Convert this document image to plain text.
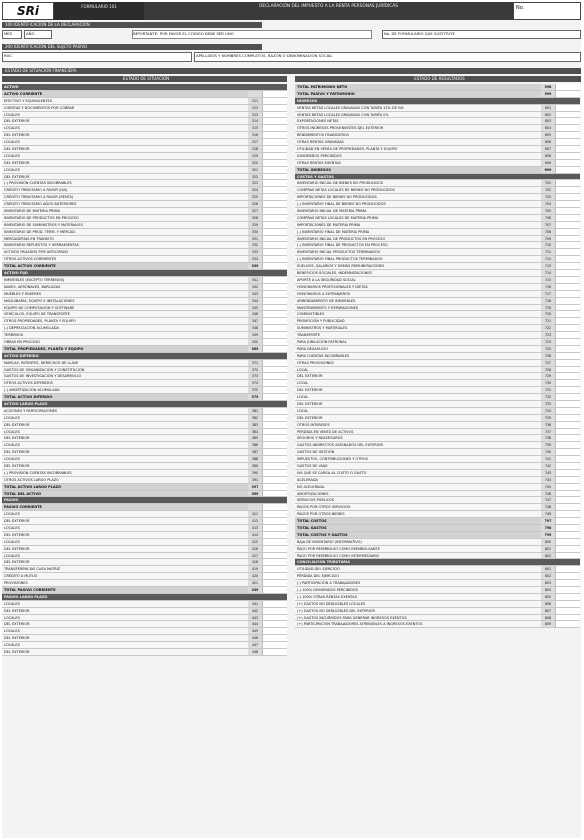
SRi	FORMULARIO 101	DECLARACIÓN DEL IMPUESTO A LA RENTA PERSONAS JURÍDICAS	No.
100 IDENTIFICACIÓN DE LA DECLARACIÓN
MES	AÑO	IMPORTANTE: POR FAVOR EL CÓDIGO DEBE SER UNO	No. DE FORMULARIO QUE SUSTITUYE
200 IDENTIFICACIÓN DEL SUJETO PASIVO
RUC	APELLIDOS Y NOMBRES COMPLETOS, RAZÓN O DENOMINACIÓN SOCIAL
ESTADO DE SITUACIÓN FINANCIERA
ESTADO DE SITUACIÓN	ESTADO DE RESULTADOS
ACTIVO
ACTIVO CORRIENTE
EFECTIVO Y EQUIVALENTES	311
CUENTAS Y DOCUMENTOS POR COBRAR	312
LOCALES	313
DEL EXTERIOR	314
LOCALES	315
DEL EXTERIOR	316
LOCALES	317
DEL EXTERIOR	318
LOCALES	319
DEL EXTERIOR	320
LOCALES	321
DEL EXTERIOR	322
(-) PROVISIÓN CUENTAS INCOBRABLES	323
CRÉDITO TRIBUTARIO A FAVOR (IVA)	324
CRÉDITO TRIBUTARIO A FAVOR (RENTA)	325
CRÉDITO TRIBUTARIO AÑOS ANTERIORES	326
INVENTARIO DE MATERIA PRIMA	327
INVENTARIO DE PRODUCTOS EN PROCESO	328
INVENTARIO DE SUMINISTROS Y MATERIALES	329
INVENTARIO DE PROD. TERM. Y MERCAD.	330
MERCADERÍAS EN TRÁNSITO	331
INVENTARIO REPUESTOS Y HERRAMIENTAS	332
ACTIVOS PAGADOS POR ANTICIPADO	333
OTROS ACTIVOS CORRIENTES	334
TOTAL ACTIVO CORRIENTE	339
ACTIVO FIJO
INMUEBLES (EXCEPTO TERRENOS)	341
NAVES, AERONAVES, BARCAZAS	342
MUEBLES Y ENSERES	343
MAQUINARIA, EQUIPO E INSTALACIONES	344
EQUIPO DE COMPUTACIÓN Y SOFTWARE	345
VEHÍCULOS, EQUIPO DE TRANSPORTE	346
OTROS PROPIEDADES, PLANTA Y EQUIPO	347
(-) DEPRECIACIÓN ACUMULADA	348
TERRENOS	349
OBRAS EN PROCESO	350
TOTAL PROPIEDADES, PLANTA Y EQUIPO	369
ACTIVO DIFERIDO
MARCAS, PATENTES, DERECHOS DE LLAVE	371
GASTOS DE ORGANIZACIÓN Y CONSTITUCIÓN	372
GASTOS DE INVESTIGACIÓN Y DESARROLLO	373
OTROS ACTIVOS DIFERIDOS	374
(-) AMORTIZACIÓN ACUMULADA	375
TOTAL ACTIVO DIFERIDO	379
ACTIVO LARGO PLAZO
ACCIONES Y PARTICIPACIONES	381
LOCALES	382
DEL EXTERIOR	383
LOCALES	384
DEL EXTERIOR	385
LOCALES	386
DEL EXTERIOR	387
LOCALES	388
DEL EXTERIOR	389
(-) PROVISIÓN CUENTAS INCOBRABLES	390
OTROS ACTIVOS LARGO PLAZO	391
TOTAL ACTIVO LARGO PLAZO	397
TOTAL DEL ACTIVO	399
PASIVO
PASIVO CORRIENTE
LOCALES	411
DEL EXTERIOR	412
LOCALES	413
DEL EXTERIOR	414
LOCALES	415
DEL EXTERIOR	416
LOCALES	417
DEL EXTERIOR	418
TRANSFERENCIAS CASA MATRIZ	419
CRÉDITO A MUTUO	420
PROVISIONES	421
TOTAL PASIVO CORRIENTE	439
PASIVO LARGO PLAZO
LOCALES	441
DEL EXTERIOR	442
LOCALES	443
DEL EXTERIOR	444
LOCALES	445
DEL EXTERIOR	446
LOCALES	447
DEL EXTERIOR	448
TOTAL PATRIMONIO NETO	598
TOTAL PASIVO Y PATRIMONIO	599
INGRESOS
VENTAS NETAS LOCALES GRAVADAS CON TARIFA 12% DE IVA	601
VENTAS NETAS LOCALES GRAVADAS CON TARIFA 0%	602
EXPORTACIONES NETAS	603
OTROS INGRESOS PROVENIENTES DEL EXTERIOR	604
RENDIMIENTOS FINANCIEROS	605
OTRAS RENTAS GRAVADAS	606
UTILIDAD EN VENTA DE PROPIEDADES, PLANTA Y EQUIPO	607
DIVIDENDOS PERCIBIDOS	608
OTRAS RENTAS EXENTAS	609
TOTAL INGRESOS	699
COSTOS Y GASTOS
INVENTARIO INICIAL DE BIENES NO PRODUCIDOS	701
COMPRAS NETAS LOCALES DE BIENES NO PRODUCIDOS	702
IMPORTACIONES DE BIENES NO PRODUCIDOS	703
(-) INVENTARIO FINAL DE BIENES NO PRODUCIDOS	704
INVENTARIO INICIAL DE MATERIA PRIMA	705
COMPRAS NETAS LOCALES DE MATERIA PRIMA	706
IMPORTACIONES DE MATERIA PRIMA	707
(-) INVENTARIO FINAL DE MATERIA PRIMA	708
INVENTARIO INICIAL DE PRODUCTOS EN PROCESO	709
(-) INVENTARIO FINAL DE PRODUCTOS EN PROCESO	710
INVENTARIO INICIAL PRODUCTOS TERMINADOS	711
(-) INVENTARIO FINAL PRODUCTOS TERMINADOS	712
SUELDOS, SALARIOS Y DEMÁS REMUNERACIONES	713
BENEFICIOS SOCIALES, INDEMNIZACIONES	714
APORTE A LA SEGURIDAD SOCIAL	715
HONORARIOS PROFESIONALES Y DIETAS	716
HONORARIOS A EXTRANJEROS	717
ARRENDAMIENTO DE INMUEBLES	718
MANTENIMIENTO Y REPARACIONES	719
COMBUSTIBLES	720
PROMOCIÓN Y PUBLICIDAD	721
SUMINISTROS Y MATERIALES	722
TRANSPORTE	723
PARA JUBILACIÓN PATRONAL	724
PARA DESAHUCIO	725
PARA CUENTAS INCOBRABLES	726
OTRAS PROVISIONES	727
LOCAL	728
DEL EXTERIOR	729
LOCAL	730
DEL EXTERIOR	731
LOCAL	732
DEL EXTERIOR	733
LOCAL	734
DEL EXTERIOR	735
OTROS INTERESES	736
PÉRDIDA EN VENTA DE ACTIVOS	737
SEGUROS Y REASEGUROS	738
GASTOS INDIRECTOS ASIGNADOS DEL EXTERIOR	739
GASTOS DE GESTIÓN	740
IMPUESTOS, CONTRIBUCIONES Y OTROS	741
GASTOS DE VIAJE	742
IVA QUE SE CARGA AL COSTO O GASTO	743
ACELERADA	744
NO ACELERADA	745
AMORTIZACIONES	746
SERVICIOS PÚBLICOS	747
PAGOS POR OTROS SERVICIOS	748
PAGOS POR OTROS BIENES	749
TOTAL COSTOS	797
TOTAL GASTOS	798
TOTAL COSTOS Y GASTOS	799
BAJA DE INVENTARIO (INFORMATIVO)	800
PAGO POR REEMBOLSO COMO REEMBOLSANTE	801
PAGO POR REEMBOLSO COMO INTERMEDIARIO	802
CONCILIACIÓN TRIBUTARIA
UTILIDAD DEL EJERCICIO	801
PÉRDIDA DEL EJERCICIO	802
(-) PARTICIPACIÓN A TRABAJADORES	803
(-) 100% DIVIDENDOS PERCIBIDOS	804
(-) 100% OTRAS RENTAS EXENTAS	805
(+) GASTOS NO DEDUCIBLES LOCALES	806
(+) GASTOS NO DEDUCIBLES DEL EXTERIOR	807
(+) GASTOS INCURRIDOS PARA GENERAR INGRESOS EXENTOS	808
(+) PARTICIPACIÓN TRABAJADORES ATRIBUIBLES A INGRESOS EXENTOS	809
